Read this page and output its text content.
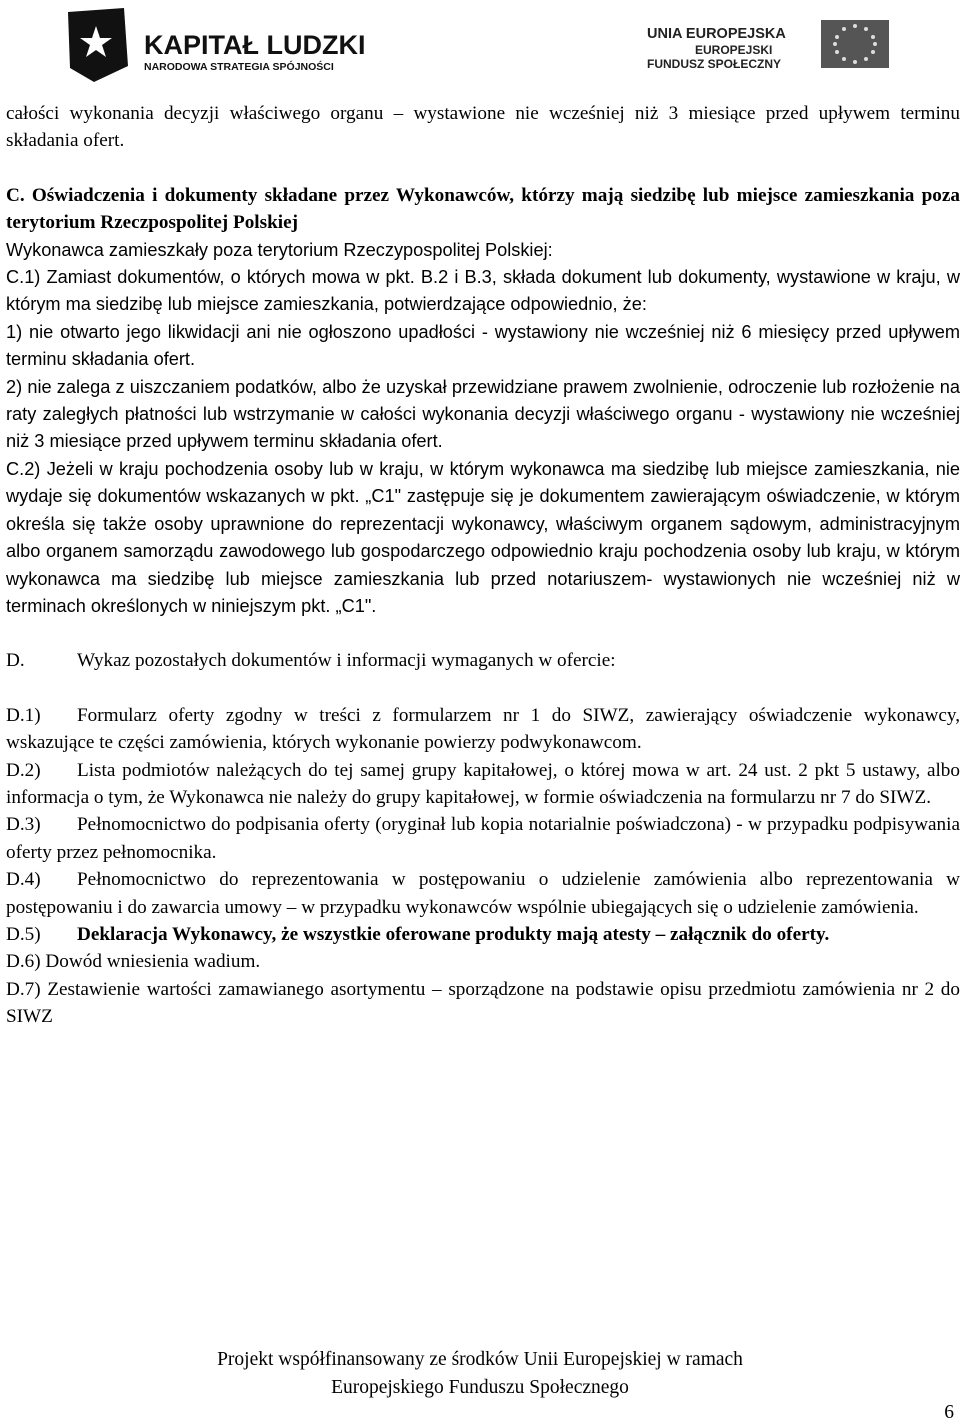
KAPITAŁ LUDZKI
NARODOWA STRATEGIA SPÓJNOŚCI
UNIA EUROPEJSKA
EUROPEJSKI
FUNDUSZ SPOŁECZNY

całości wykonania decyzji właściwego organu – wystawione nie wcześniej niż 3 miesiące przed upływem terminu składania ofert.

C. Oświadczenia i dokumenty składane przez Wykonawców, którzy mają siedzibę lub miejsce zamieszkania poza terytorium Rzeczpospolitej Polskiej

Wykonawca zamieszkały poza terytorium Rzeczypospolitej Polskiej:

C.1) Zamiast dokumentów, o których mowa w pkt. B.2 i B.3, składa dokument lub dokumenty, wystawione w kraju, w którym ma siedzibę lub miejsce zamieszkania, potwierdzające odpowiednio, że:

1) nie otwarto jego likwidacji ani nie ogłoszono upadłości - wystawiony nie wcześniej niż 6 miesięcy przed upływem terminu składania ofert.

2) nie zalega z uiszczaniem podatków, albo że uzyskał przewidziane prawem zwolnienie, odroczenie lub rozłożenie na raty zaległych płatności lub wstrzymanie w całości wykonania decyzji właściwego organu - wystawiony nie wcześniej niż 3 miesiące przed upływem terminu składania ofert.

C.2) Jeżeli w kraju pochodzenia osoby lub w kraju, w którym wykonawca ma siedzibę lub miejsce zamieszkania, nie wydaje się dokumentów wskazanych w pkt. „C1" zastępuje się je dokumentem zawierającym oświadczenie, w którym określa się także osoby uprawnione do reprezentacji wykonawcy, właściwym organem sądowym, administracyjnym albo organem samorządu zawodowego lub gospodarczego odpowiednio kraju pochodzenia osoby lub kraju, w którym wykonawca ma siedzibę lub miejsce zamieszkania lub przed notariuszem- wystawionych nie wcześniej niż w terminach określonych w niniejszym pkt. „C1".

D.	Wykaz pozostałych dokumentów i informacji wymaganych w ofercie:

D.1) Formularz oferty zgodny w treści z formularzem nr 1 do SIWZ, zawierający oświadczenie wykonawcy, wskazujące te części zamówienia, których wykonanie powierzy podwykonawcom.

D.2) Lista podmiotów należących do tej samej grupy kapitałowej, o której mowa w art. 24 ust. 2 pkt 5 ustawy, albo informacja o tym, że Wykonawca nie należy do grupy kapitałowej, w formie oświadczenia na formularzu nr 7 do SIWZ.

D.3) Pełnomocnictwo do podpisania oferty (oryginał lub kopia notarialnie poświadczona) - w przypadku podpisywania oferty przez pełnomocnika.

D.4) Pełnomocnictwo do reprezentowania w postępowaniu o udzielenie zamówienia albo reprezentowania w postępowaniu i do zawarcia umowy – w przypadku wykonawców wspólnie ubiegających się o udzielenie zamówienia.

D.5) Deklaracja Wykonawcy, że wszystkie oferowane produkty mają atesty – załącznik do oferty.

D.6) Dowód wniesienia wadium.

D.7) Zestawienie wartości zamawianego asortymentu – sporządzone na podstawie opisu przedmiotu zamówienia nr 2 do SIWZ

Projekt współfinansowany ze środków Unii Europejskiej w ramach
Europejskiego Funduszu Społecznego
6
